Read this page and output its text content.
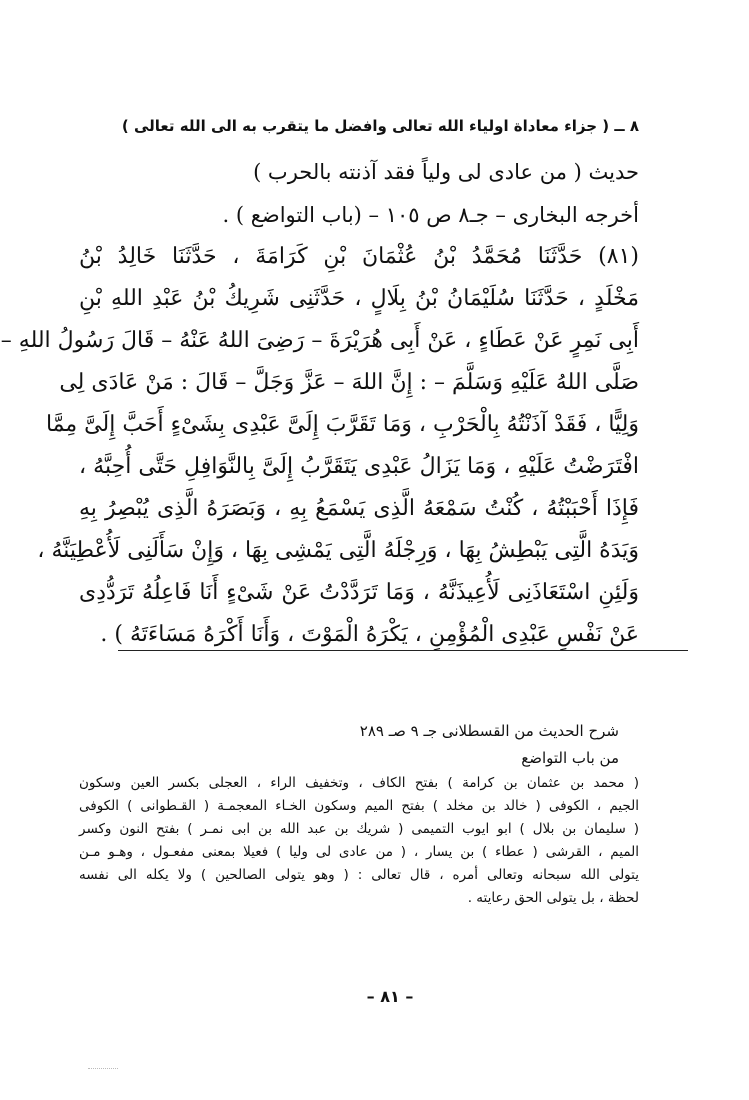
٨ ــ ( جزاء معاداة اولياء الله تعالى وافضل ما يتقرب به الى الله تعالى )
حديث ( من عادى لى ولياً فقد آذنته بالحرب )
أخرجه البخارى – جـ٨ ص ١٠٥ – (باب التواضع ) .
(٨١) حَدَّثَنَا مُحَمَّدُ بْنُ عُثْمَانَ بْنِ كَرَامَةَ ، حَدَّثَنَا خَالِدُ بْنُ
مَخْلَدٍ ، حَدَّثَنَا سُلَيْمَانُ بْنُ بِلَالٍ ، حَدَّثَنِى شَرِيكُ بْنُ عَبْدِ اللهِ بْنِ
أَبِى نَمِرٍ عَنْ عَطَاءٍ ، عَنْ أَبِى هُرَيْرَةَ – رَضِىَ اللهُ عَنْهُ – قَالَ رَسُولُ اللهِ –
صَلَّى اللهُ عَلَيْهِ وَسَلَّمَ – : إِنَّ اللهَ – عَزَّ وَجَلَّ – قَالَ : مَنْ عَادَى لِى
وَلِيًّا ، فَقَدْ آذَنْتُهُ بِالْحَرْبِ ، وَمَا تَقَرَّبَ إِلَىَّ عَبْدِى بِشَىْءٍ أَحَبَّ إِلَىَّ مِمَّا
افْتَرَضْتُ عَلَيْهِ ، وَمَا يَزَالُ عَبْدِى يَتَقَرَّبُ إِلَىَّ بِالنَّوَافِلِ حَتَّى أُحِبَّهُ ،
فَإِذَا أَحْبَبْتُهُ ، كُنْتُ سَمْعَهُ الَّذِى يَسْمَعُ بِهِ ، وَبَصَرَهُ الَّذِى يُبْصِرُ بِهِ
وَيَدَهُ الَّتِى يَبْطِشُ بِهَا ، وَرِجْلَهُ الَّتِى يَمْشِى بِهَا ، وَإِنْ سَأَلَنِى لَأُعْطِيَنَّهُ ،
وَلَئِنِ اسْتَعَاذَنِى لَأُعِيذَنَّهُ ، وَمَا تَرَدَّدْتُ عَنْ شَىْءٍ أَنَا فَاعِلُهُ تَرَدُّدِى
عَنْ نَفْسِ عَبْدِى الْمُؤْمِنِ ، يَكْرَهُ الْمَوْتَ ، وَأَنَا أَكْرَهُ مَسَاءَتَهُ ) .
شرح الحديث من القسطلانى جـ ٩ صـ ٢٨٩
من باب التواضع
( محمد بن عثمان بن كرامة ) بفتح الكاف ، وتخفيف الراء ، العجلى بكسر العين وسكون
الجيم ، الكوفى ( خالد بن مخلد ) بفتح الميم وسكون الخـاء المعجمـة ( القـطوانى ) الكوفى
( سليمان بن بلال ) ابو ايوب التميمى ( شريك بن عبد الله بن ابى نمـر ) بفتح النون وكسر
الميم ، القرشى ( عطاء ) بن يسار ، ( من عادى لى وليا ) فعيلا بمعنى مفعـول ، وهـو مـن
يتولى الله سبحانه وتعالى أمره ، قال تعالى : ( وهو يتولى الصالحين ) ولا يكله الى نفسه
لحظة ، بل يتولى الحق رعايته .
– ٨١ –
